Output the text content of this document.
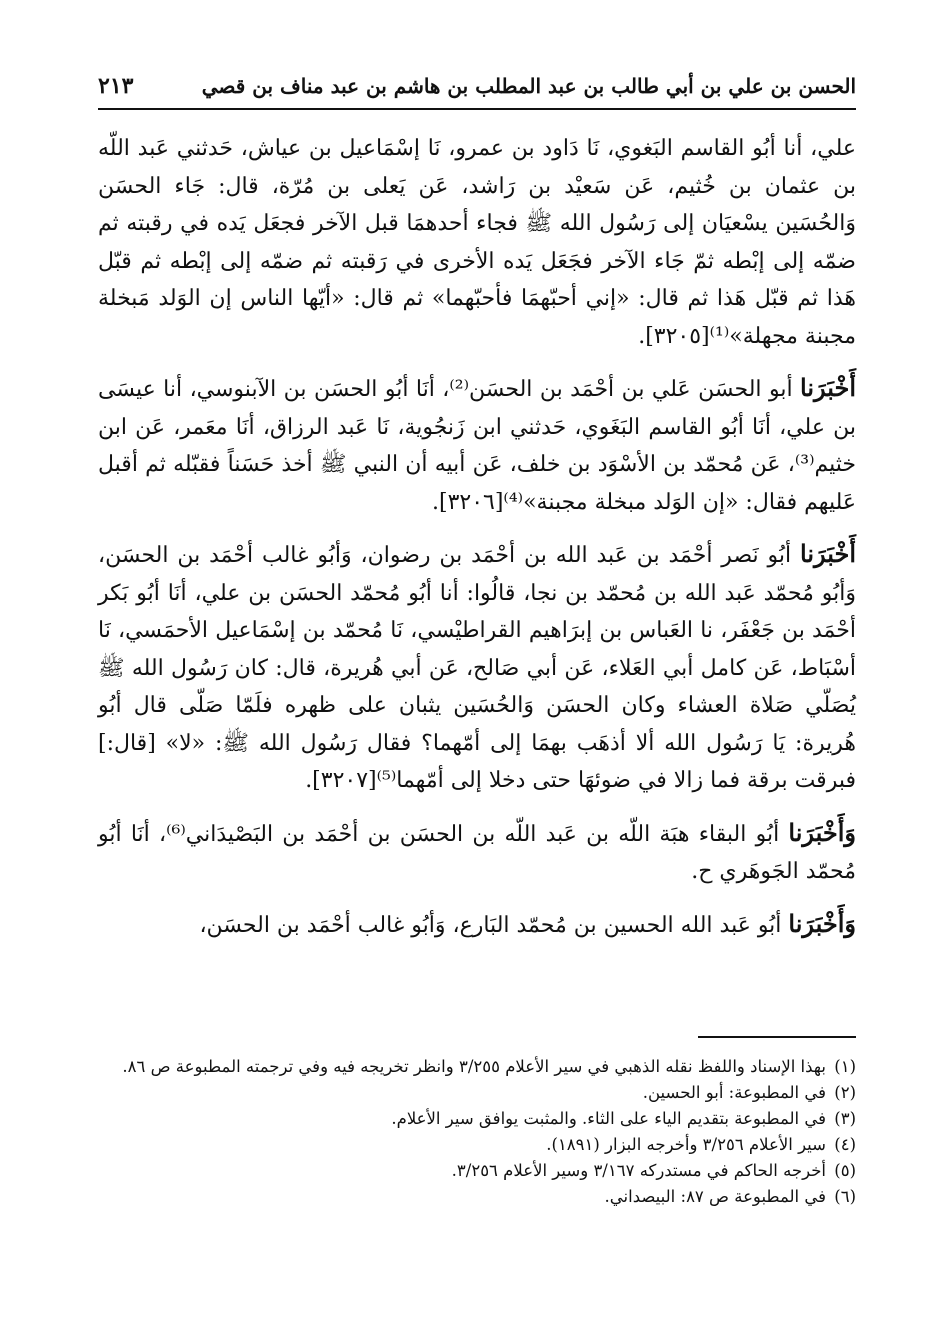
الحسن بن علي بن أبي طالب بن عبد المطلب بن هاشم بن عبد مناف بن قصي
٢١٣

علي، أنا أبُو القاسم البَغوي، نَا دَاود بن عمرو، نَا إسْمَاعيل بن عياش، حَدثني عَبد اللّه بن عثمان بن خُثيم، عَن سَعيْد بن رَاشد، عَن يَعلى بن مُرّة، قال: جَاء الحسَن وَالحُسَين يسْعيَان إلى رَسُول الله ﷺ فجاء أحدهمَا قبل الآخر فجعَل يَده في رقبته ثم ضمّه إلى إبْطه ثمّ جَاء الآخر فجَعَل يَده الأخرى في رَقبته ثم ضمّه إلى إبْطه ثم قبّل هَذا ثم قبّل هَذا ثم قال: «إني أحبّهمَا فأحبّهما» ثم قال: «أيّها الناس إن الوَلد مَبخلة مجبنة مجهلة»⁽¹⁾[٣٢٠٥].

أَخْبَرَنا أبو الحسَن عَلي بن أحْمَد بن الحسَن⁽²⁾، أنَا أبُو الحسَن بن الآبنوسي، أنا عيسَى بن علي، أنَا أبُو القاسم البَغَوي، حَدثني ابن زَنجُوية، نَا عَبد الرزاق، أنَا معَمر، عَن ابن خثيم⁽³⁾، عَن مُحمّد بن الأسْوَد بن خلف، عَن أبيه أن النبي ﷺ أخذ حَسَناً فقبّله ثم أقبل عَليهم فقال: «إن الوَلد مبخلة مجبنة»⁽⁴⁾[٣٢٠٦].

أَخْبَرَنا أبُو نَصر أحْمَد بن عَبد الله بن أحْمَد بن رضوان، وَأبُو غالب أحْمَد بن الحسَن، وَأبُو مُحمّد عَبد الله بن مُحمّد بن نجا، قالُوا: أنا أبُو مُحمّد الحسَن بن علي، أنَا أبُو بَكر أحْمَد بن جَعْفَر، نا العَباس بن إبرَاهيم القراطيْسي، نَا مُحمّد بن إسْمَاعيل الأحمَسي، نَا أسْبَاط، عَن كامل أبي العَلاء، عَن أبي صَالح، عَن أبي هُريرة، قال: كان رَسُول الله ﷺ يُصَلّي صَلاة العشاء وكان الحسَن وَالحُسَين يثبان على ظهره فلَمّا صَلّى قال أبُو هُريرة: يَا رَسُول الله ألا أذهَب بهمَا إلى أمّهما؟ فقال رَسُول الله ﷺ: «لا» [قال:] فبرقت برقة فما زالا في ضوئهَا حتى دخلا إلى أمّهما⁽⁵⁾[٣٢٠٧].

وَأَخْبَرَنا أبُو البقاء هبَة اللّه بن عَبد اللّه بن الحسَن بن أحْمَد بن البَصْيدَاني⁽⁶⁾، أنَا أبُو مُحمّد الجَوهَري ح.

وَأَخْبَرَنا أبُو عَبد الله الحسين بن مُحمّد البَارع، وَأبُو غالب أحْمَد بن الحسَن،

(١)
بهذا الإسناد واللفظ نقله الذهبي في سير الأعلام ٣/٢٥٥ وانظر تخريجه فيه وفي ترجمته المطبوعة ص ٨٦.
(٢)
في المطبوعة: أبو الحسين.
(٣)
في المطبوعة بتقديم الياء على الثاء. والمثبت يوافق سير الأعلام.
(٤)
سير الأعلام ٣/٢٥٦ وأخرجه البزار (١٨٩١).
(٥)
أخرجه الحاكم في مستدركه ٣/١٦٧ وسير الأعلام ٣/٢٥٦.
(٦)
في المطبوعة ص ٨٧: البيصداني.
